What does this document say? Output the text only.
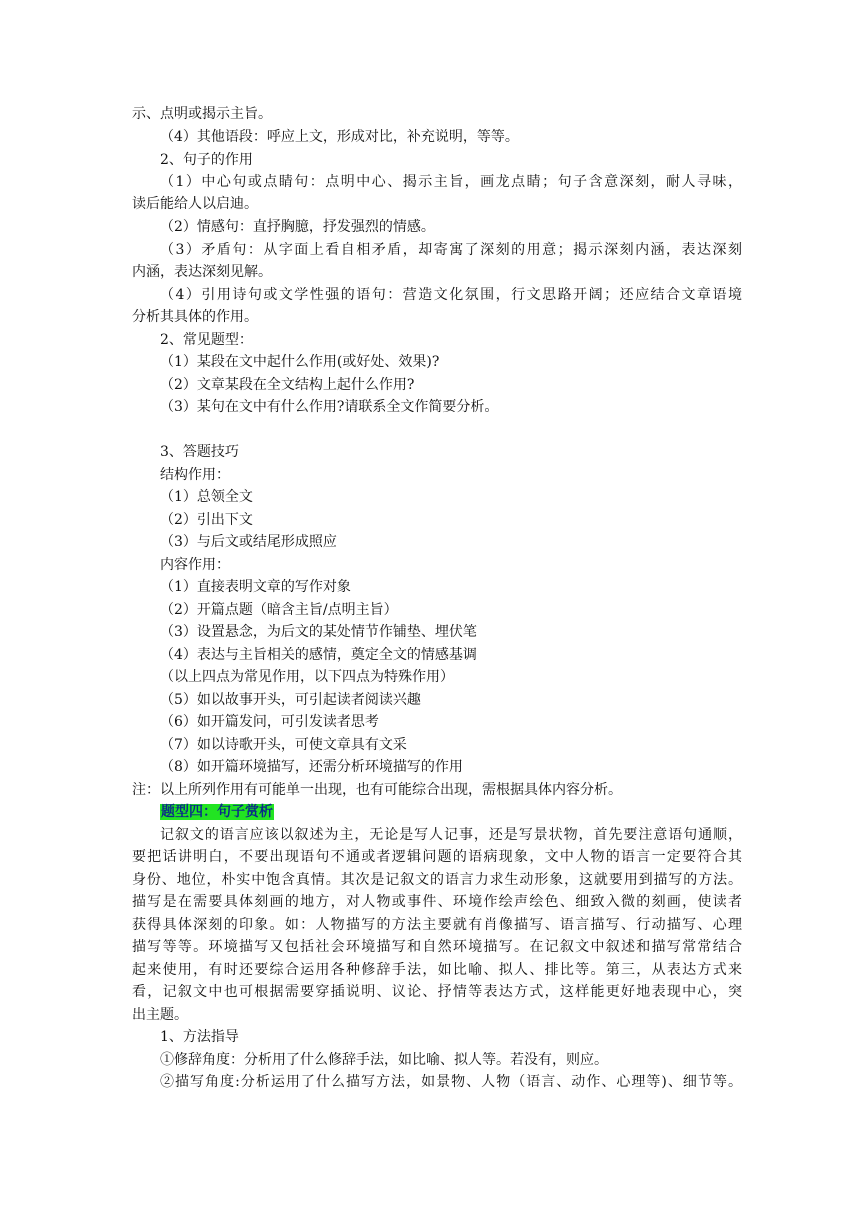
示、点明或揭示主旨。
（4）其他语段：呼应上文，形成对比，补充说明，等等。
2、句子的作用
（1）中心句或点睛句：点明中心、揭示主旨，画龙点睛；句子含意深刻，耐人寻味，
读后能给人以启迪。
（2）情感句：直抒胸臆，抒发强烈的情感。
（3）矛盾句：从字面上看自相矛盾，却寄寓了深刻的用意；揭示深刻内涵，表达深刻
内涵，表达深刻见解。
（4）引用诗句或文学性强的语句：营造文化氛围，行文思路开阔；还应结合文章语境
分析其具体的作用。
2、常见题型：
（1）某段在文中起什么作用(或好处、效果)?
（2）文章某段在全文结构上起什么作用?
（3）某句在文中有什么作用?请联系全文作简要分析。
3、答题技巧
结构作用：
（1）总领全文
（2）引出下文
（3）与后文或结尾形成照应
内容作用：
（1）直接表明文章的写作对象
（2）开篇点题（暗含主旨/点明主旨）
（3）设置悬念，为后文的某处情节作铺垫、埋伏笔
（4）表达与主旨相关的感情，奠定全文的情感基调
（以上四点为常见作用，以下四点为特殊作用）
（5）如以故事开头，可引起读者阅读兴趣
（6）如开篇发问，可引发读者思考
（7）如以诗歌开头，可使文章具有文采
（8）如开篇环境描写，还需分析环境描写的作用
注：以上所列作用有可能单一出现，也有可能综合出现，需根据具体内容分析。
题型四：句子赏析
记叙文的语言应该以叙述为主，无论是写人记事，还是写景状物，首先要注意语句通顺，
要把话讲明白，不要出现语句不通或者逻辑问题的语病现象，文中人物的语言一定要符合其
身份、地位，朴实中饱含真情。其次是记叙文的语言力求生动形象，这就要用到描写的方法。
描写是在需要具体刻画的地方，对人物或事件、环境作绘声绘色、细致入微的刻画，使读者
获得具体深刻的印象。如：人物描写的方法主要就有肖像描写、语言描写、行动描写、心理
描写等等。环境描写又包括社会环境描写和自然环境描写。在记叙文中叙述和描写常常结合
起来使用，有时还要综合运用各种修辞手法，如比喻、拟人、排比等。第三，从表达方式来
看，记叙文中也可根据需要穿插说明、议论、抒情等表达方式，这样能更好地表现中心，突
出主题。
1、方法指导
①修辞角度：分析用了什么修辞手法，如比喻、拟人等。若没有，则应。
②描写角度:分析运用了什么描写方法，如景物、人物（语言、动作、心理等)、细节等。
